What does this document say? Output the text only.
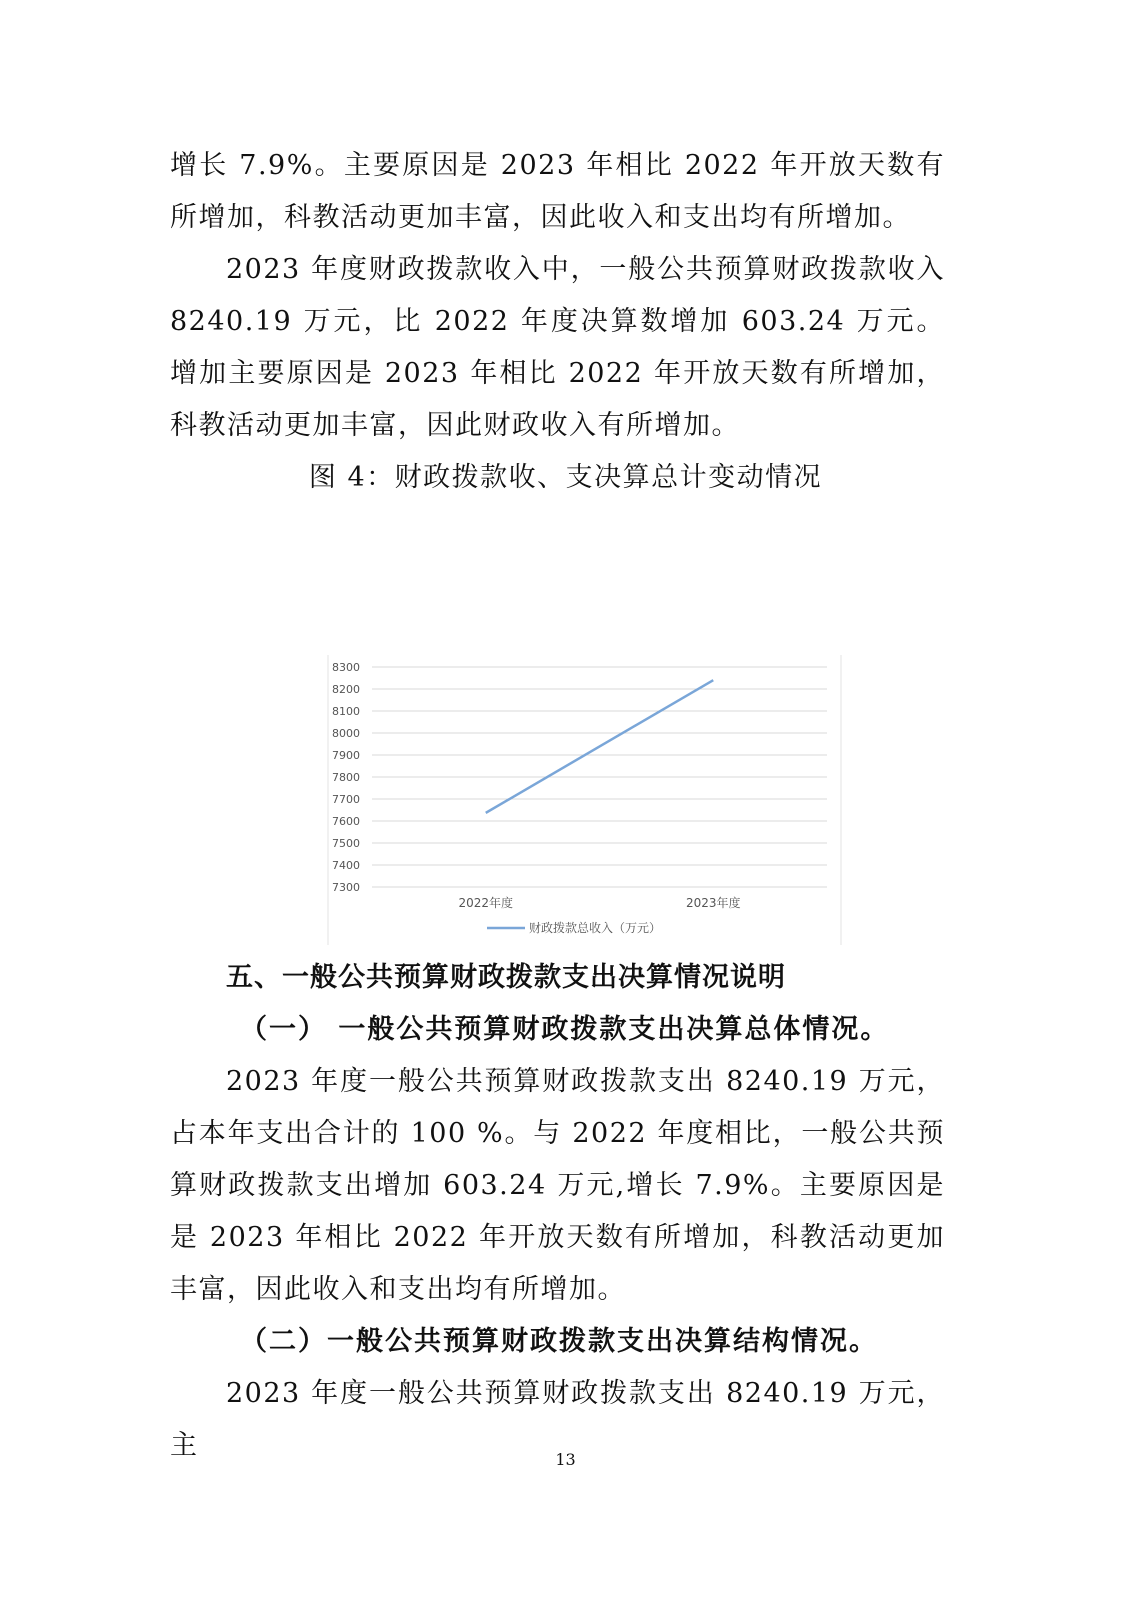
增长 7.9%。主要原因是 2023 年相比 2022 年开放天数有所增加，科教活动更加丰富，因此收入和支出均有所增加。

2023 年度财政拨款收入中，一般公共预算财政拨款收入 8240.19 万元，比 2022 年度决算数增加 603.24 万元。增加主要原因是 2023 年相比 2022 年开放天数有所增加，科教活动更加丰富，因此财政收入有所增加。

图 4：财政拨款收、支决算总计变动情况

7300
7400
7500
7600
7700
7800
7900
8000
8100
8200
8300
2022年度	2023年度
财政拨款总收入（万元）

五、一般公共预算财政拨款支出决算情况说明

（一） 一般公共预算财政拨款支出决算总体情况。

2023 年度一般公共预算财政拨款支出 8240.19 万元，占本年支出合计的 100 %。与 2022 年度相比，一般公共预算财政拨款支出增加 603.24 万元,增长 7.9%。主要原因是是 2023 年相比 2022 年开放天数有所增加，科教活动更加丰富，因此收入和支出均有所增加。

（二）一般公共预算财政拨款支出决算结构情况。

2023 年度一般公共预算财政拨款支出 8240.19 万元，主	13
